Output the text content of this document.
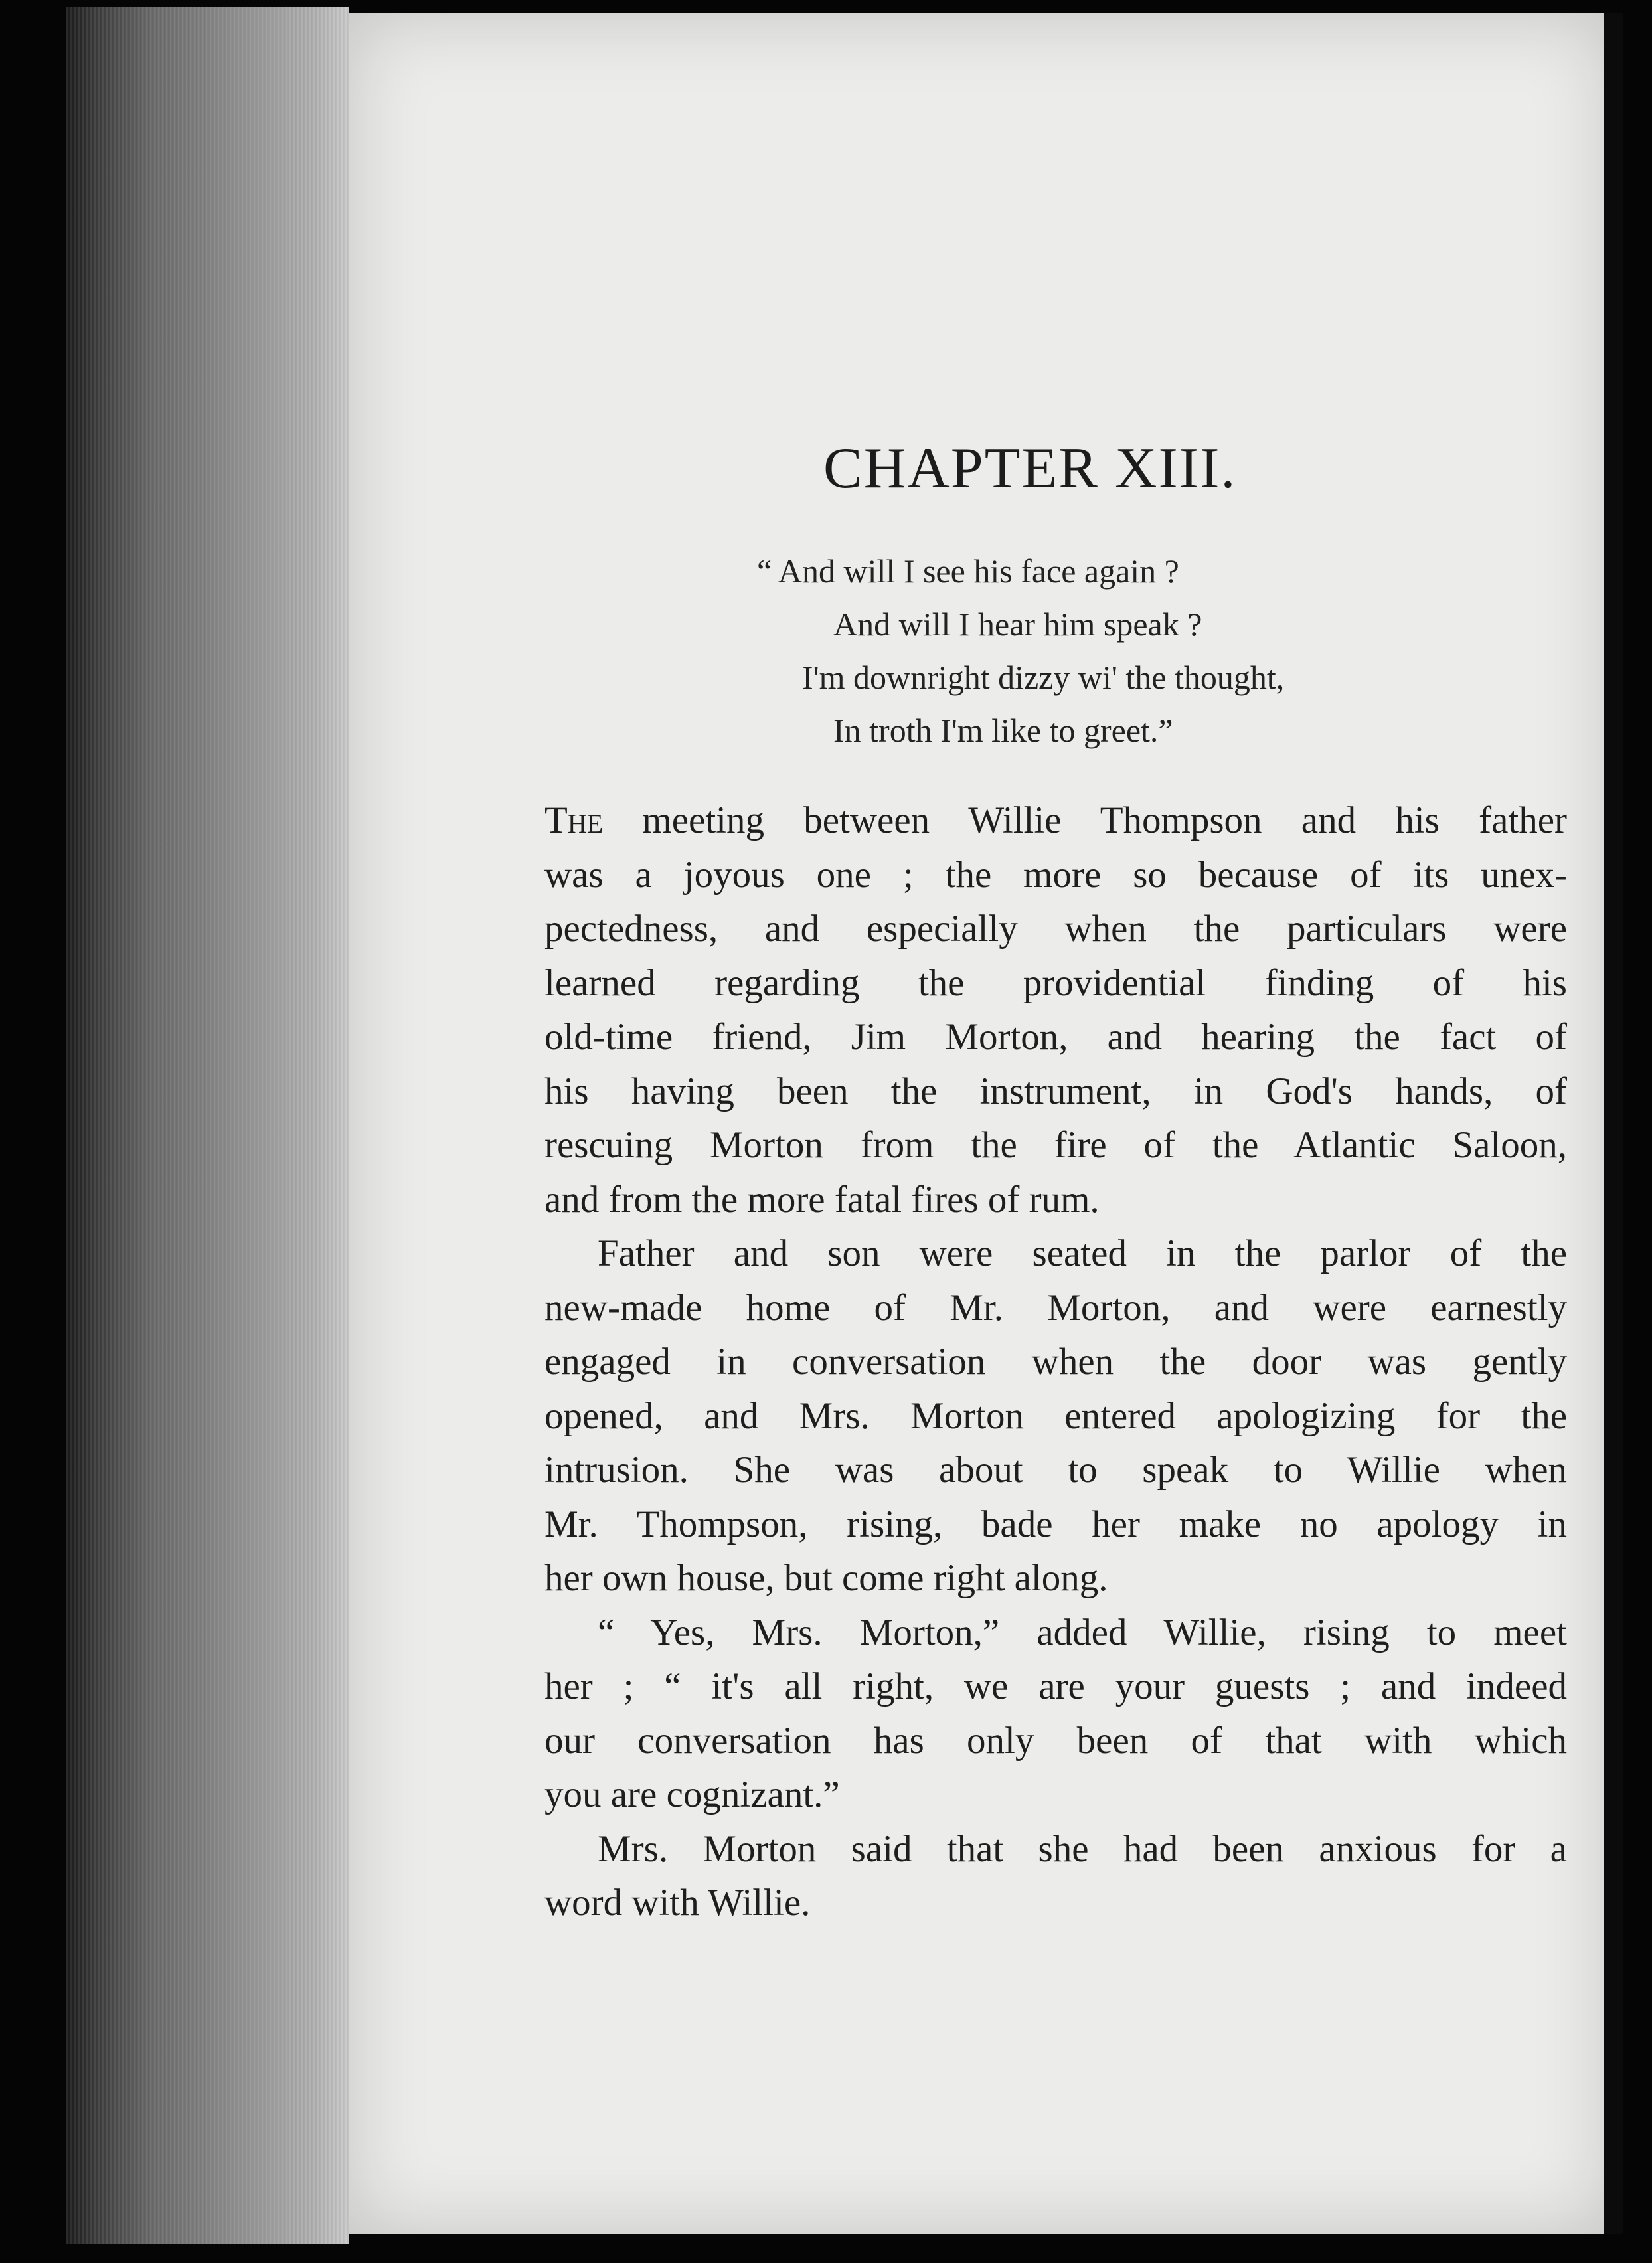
CHAPTER XIII.
“ And will I see his face again ?
And will I hear him speak ?
I'm downright dizzy wi' the thought,
In troth I'm like to greet.”
The meeting between Willie Thompson and his father
was a joyous one ; the more so because of its unex-
pectedness, and especially when the particulars were
learned regarding the providential finding of his
old-time friend, Jim Morton, and hearing the fact of
his having been the instrument, in God's hands, of
rescuing Morton from the fire of the Atlantic Saloon,
and from the more fatal fires of rum.
Father and son were seated in the parlor of the
new-made home of Mr. Morton, and were earnestly
engaged in conversation when the door was gently
opened, and Mrs. Morton entered apologizing for the
intrusion. She was about to speak to Willie when
Mr. Thompson, rising, bade her make no apology in
her own house, but come right along.
“ Yes, Mrs. Morton,” added Willie, rising to meet
her ; “ it's all right, we are your guests ; and indeed
our conversation has only been of that with which
you are cognizant.”
Mrs. Morton said that she had been anxious for a
word with Willie.
